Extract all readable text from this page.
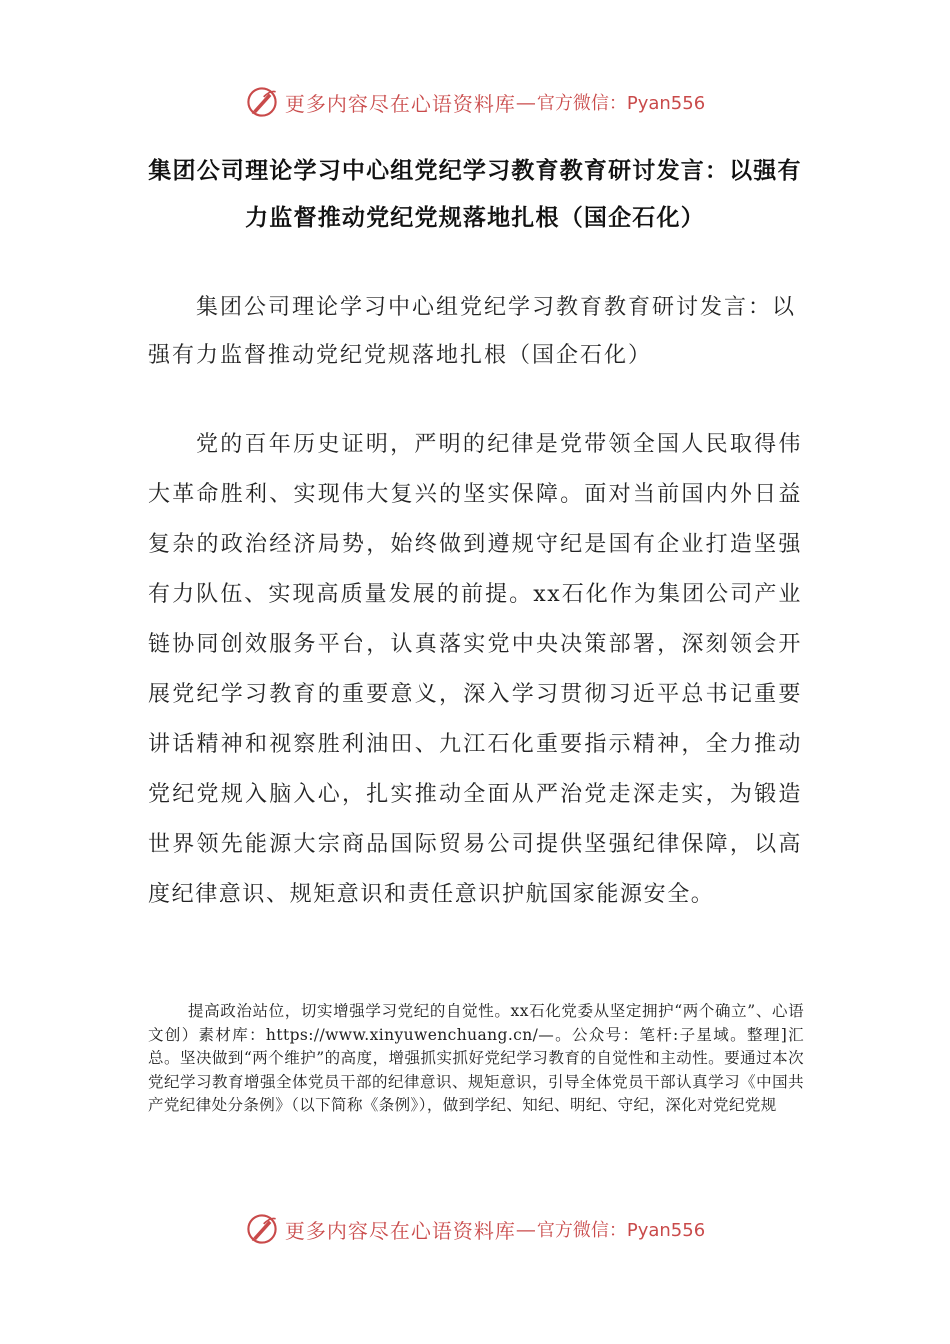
更多内容尽在心语资料库 — 官方微信：Pyan556
集团公司理论学习中心组党纪学习教育教育研讨发言：以强有力监督推动党纪党规落地扎根（国企石化）

集团公司理论学习中心组党纪学习教育教育研讨发言：以强有力监督推动党纪党规落地扎根（国企石化）

党的百年历史证明，严明的纪律是党带领全国人民取得伟大革命胜利、实现伟大复兴的坚实保障。面对当前国内外日益复杂的政治经济局势，始终做到遵规守纪是国有企业打造坚强有力队伍、实现高质量发展的前提。xx石化作为集团公司产业链协同创效服务平台，认真落实党中央决策部署，深刻领会开展党纪学习教育的重要意义，深入学习贯彻习近平总书记重要讲话精神和视察胜利油田、九江石化重要指示精神，全力推动党纪党规入脑入心，扎实推动全面从严治党走深走实，为锻造世界领先能源大宗商品国际贸易公司提供坚强纪律保障，以高度纪律意识、规矩意识和责任意识护航国家能源安全。

提高政治站位，切实增强学习党纪的自觉性。xx石化党委从坚定拥护“两个确立”、心语文创）素材库：https://www.xinyuwenchuang.cn/—。公众号：笔杆:子星域。整理]汇总。坚决做到“两个维护”的高度，增强抓实抓好党纪学习教育的自觉性和主动性。要通过本次党纪学习教育增强全体党员干部的纪律意识、规矩意识，引导全体党员干部认真学习《中国共产党纪律处分条例》（以下简称《条例》），做到学纪、知纪、明纪、守纪，深化对党纪党规

更多内容尽在心语资料库 — 官方微信：Pyan556
